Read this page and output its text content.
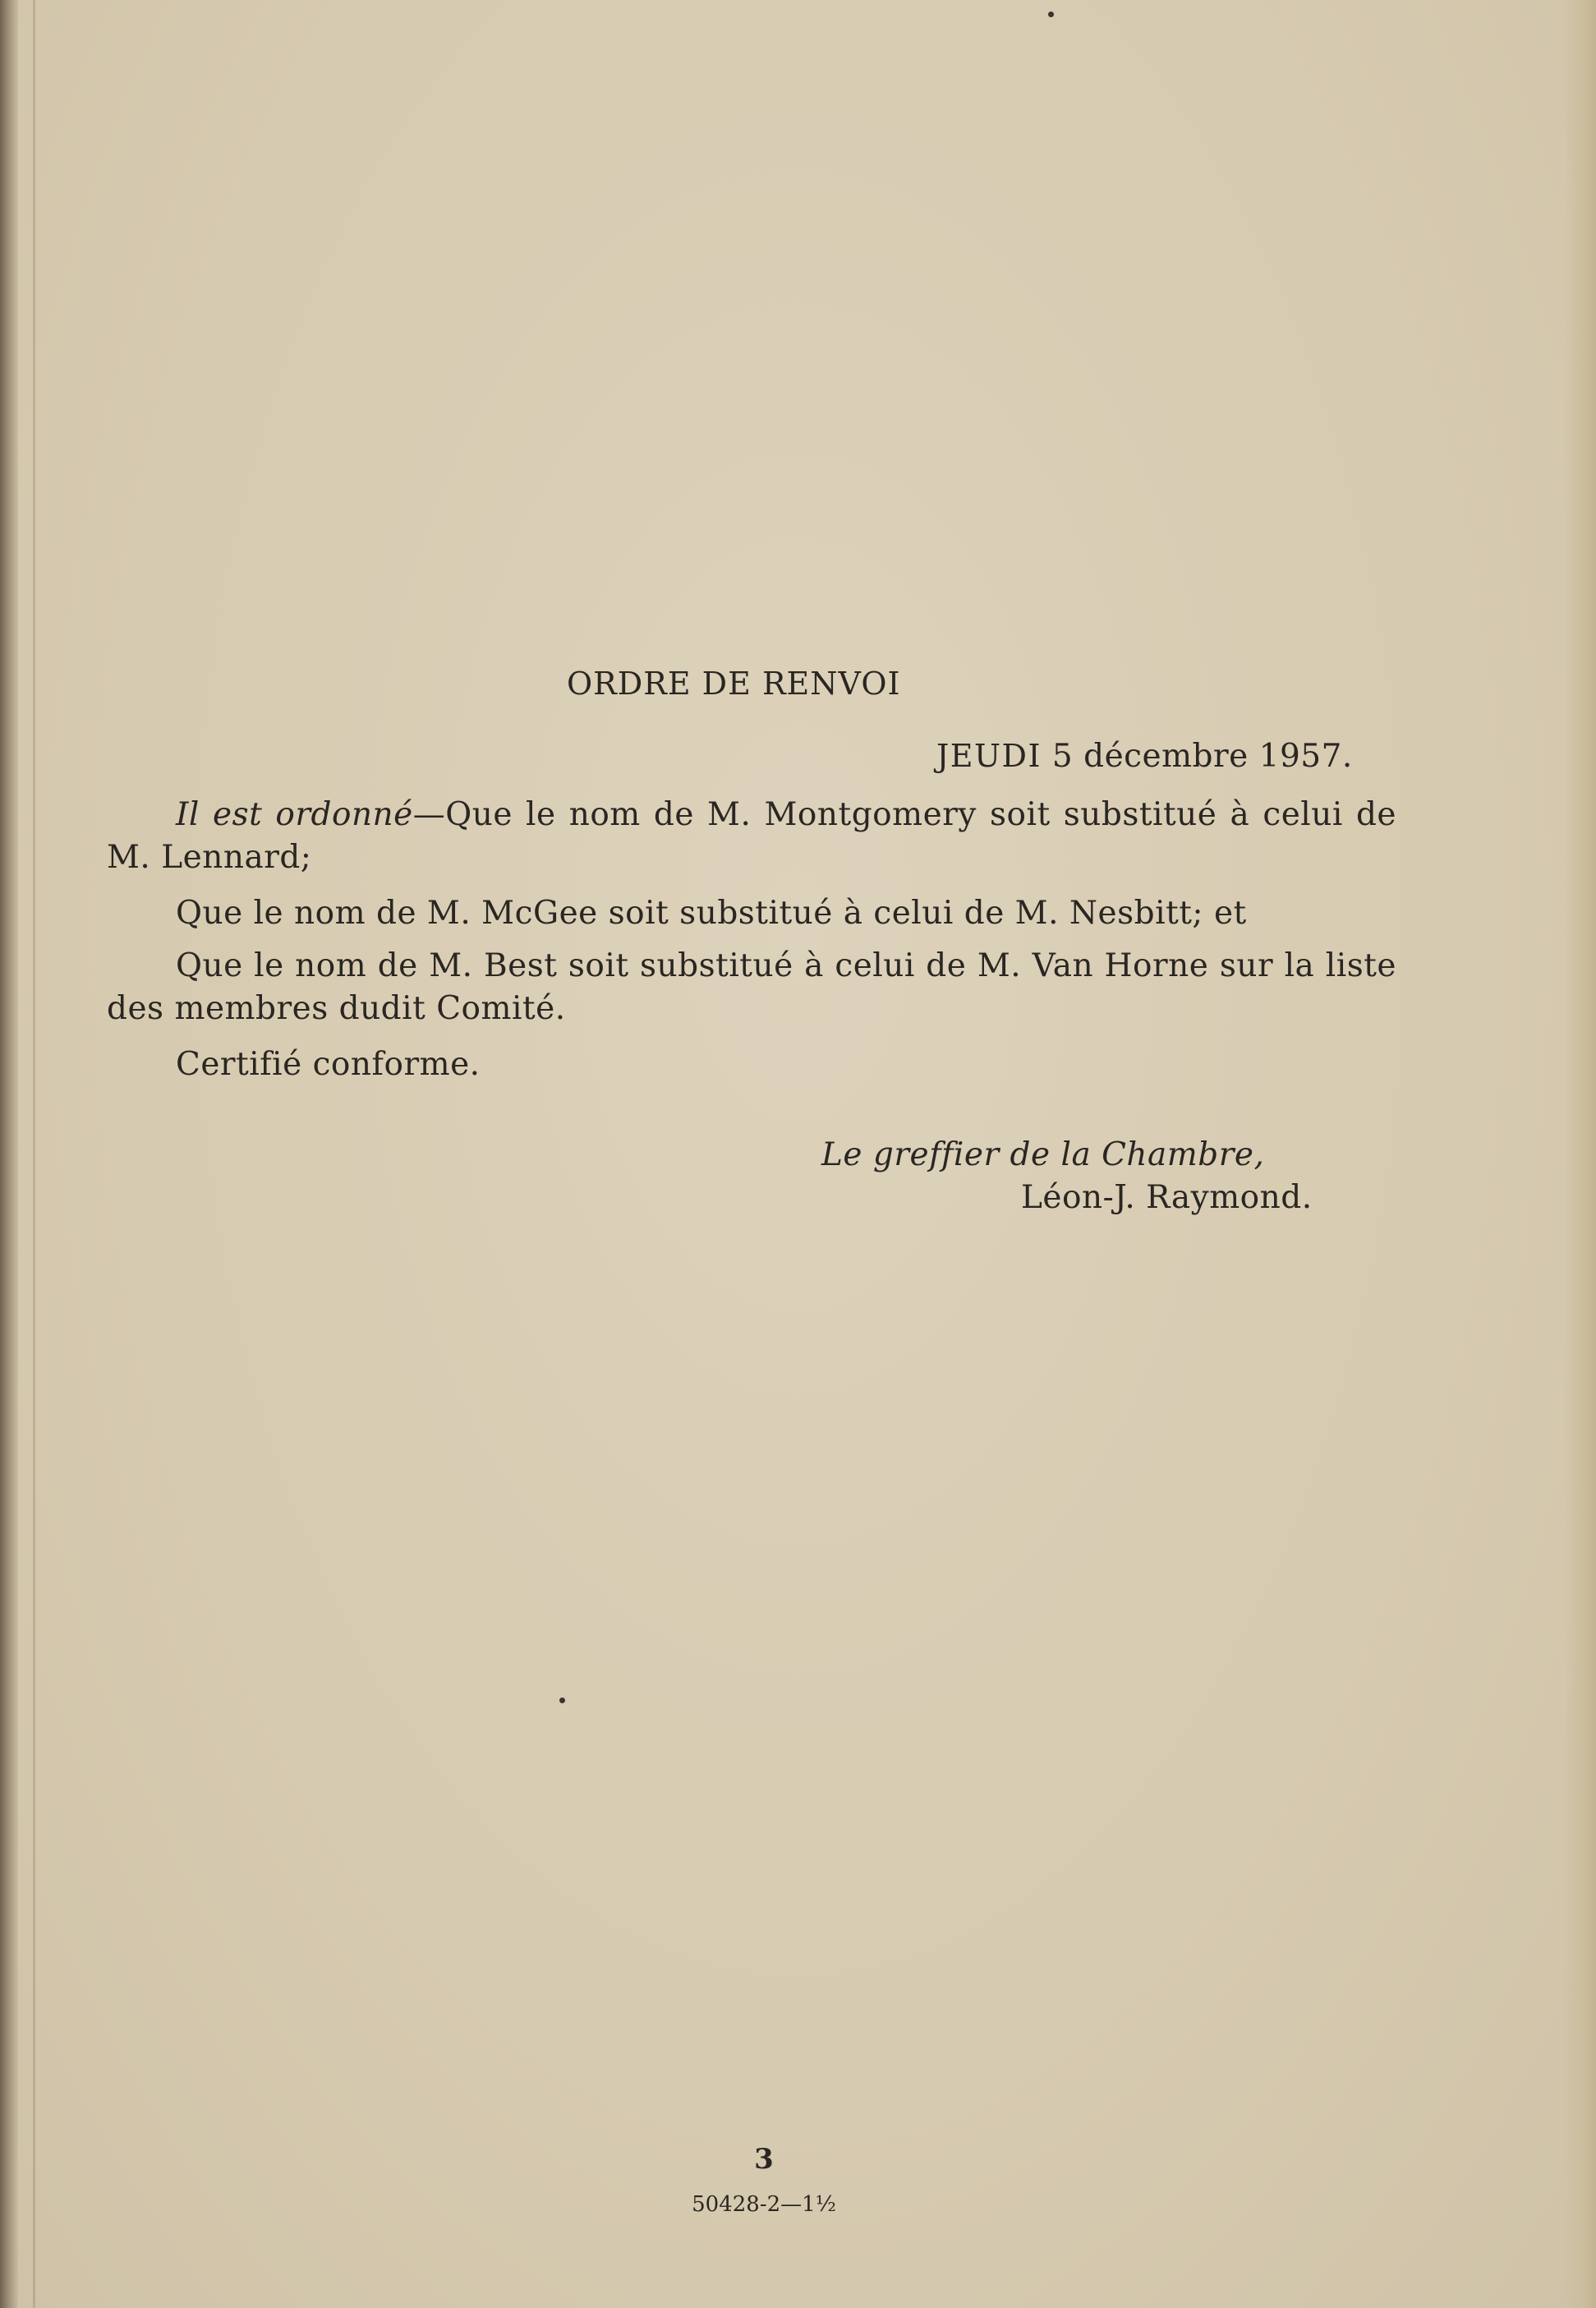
ORDRE DE RENVOI
JEUDI 5 décembre 1957.
Il est ordonné—Que le nom de M. Montgomery soit substitué à celui de M. Lennard;
Que le nom de M. McGee soit substitué à celui de M. Nesbitt; et
Que le nom de M. Best soit substitué à celui de M. Van Horne sur la liste des membres dudit Comité.
Certifié conforme.
Le greffier de la Chambre,
Léon-J. Raymond.
3
50428-2—1½
